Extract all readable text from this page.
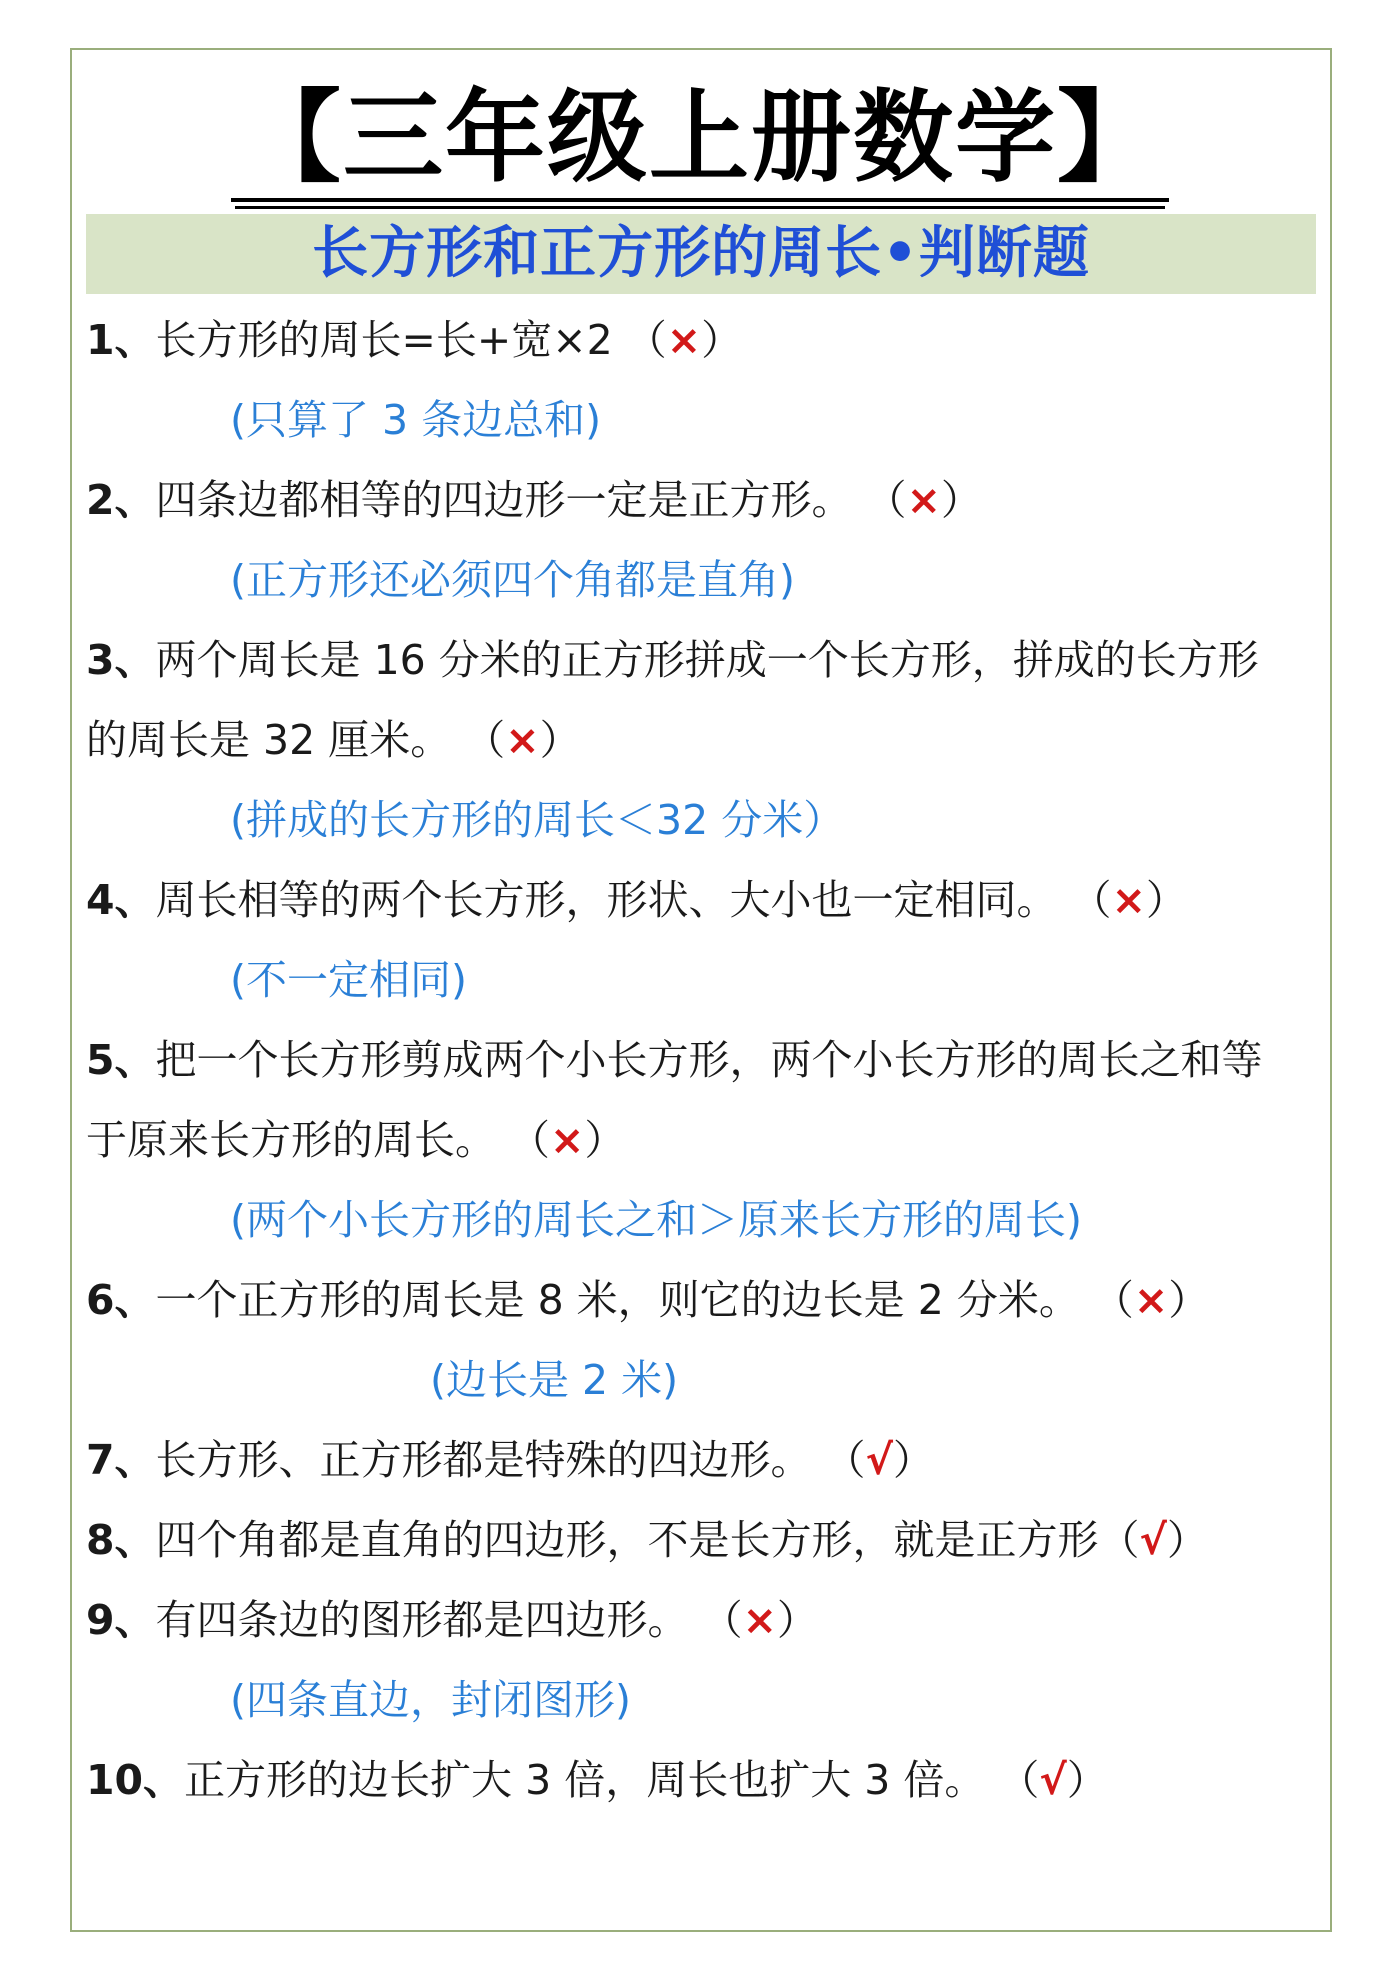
【三年级上册数学】
长方形和正方形的周长•判断题
1、长方形的周长=长+宽×2 （×）
(只算了 3 条边总和)
2、四条边都相等的四边形一定是正方形。 （×）
(正方形还必须四个角都是直角)
3、两个周长是 16 分米的正方形拼成一个长方形，拼成的长方形
的周长是 32 厘米。 （×）
(拼成的长方形的周长＜32 分米）
4、周长相等的两个长方形，形状、大小也一定相同。 （×）
(不一定相同)
5、把一个长方形剪成两个小长方形，两个小长方形的周长之和等
于原来长方形的周长。 （×）
(两个小长方形的周长之和＞原来长方形的周长)
6、一个正方形的周长是 8 米，则它的边长是 2 分米。 （×）
(边长是 2 米)
7、长方形、正方形都是特殊的四边形。 （√）
8、四个角都是直角的四边形，不是长方形，就是正方形（√）
9、有四条边的图形都是四边形。 （×）
(四条直边，封闭图形)
10、正方形的边长扩大 3 倍，周长也扩大 3 倍。 （√）
